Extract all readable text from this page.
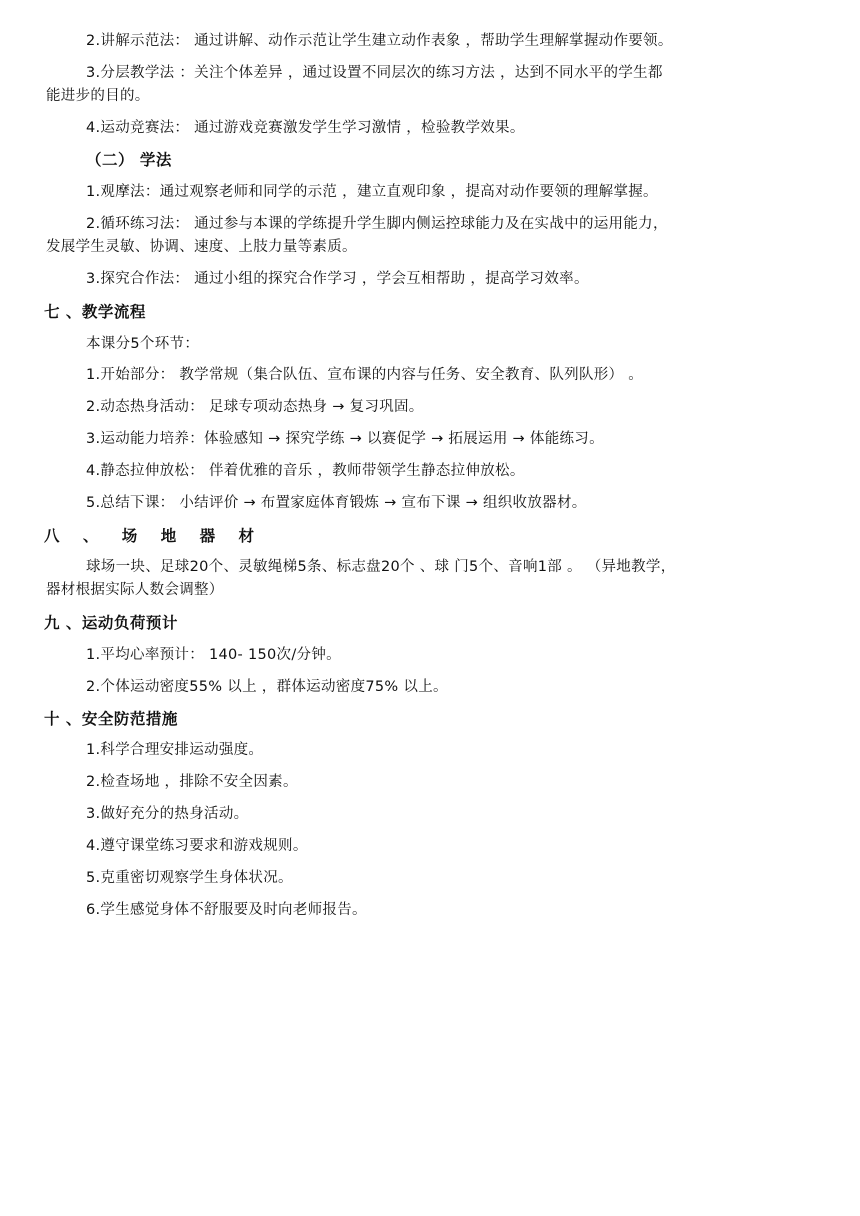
2.讲解示范法： 通过讲解、动作示范让学生建立动作表象 ，帮助学生理解掌握动作要领。
3.分层教学法 ：关注个体差异 ，通过设置不同层次的练习方法 ，达到不同水平的学生都
能进步的目的。
4.运动竞赛法： 通过游戏竞赛激发学生学习激情 ，检验教学效果。
（二） 学法
1.观摩法：通过观察老师和同学的示范 ，建立直观印象 ，提高对动作要领的理解掌握。
2.循环练习法： 通过参与本课的学练提升学生脚内侧运控球能力及在实战中的运用能力，
发展学生灵敏、协调、速度、上肢力量等素质。
3.探究合作法： 通过小组的探究合作学习 ，学会互相帮助 ，提高学习效率。
七 、教学流程
本课分5个环节：
1.开始部分： 教学常规（集合队伍、宣布课的内容与任务、安全教育、队列队形） 。
2.动态热身活动： 足球专项动态热身 → 复习巩固。
3.运动能力培养：体验感知 → 探究学练 → 以赛促学 → 拓展运用 → 体能练习。
4.静态拉伸放松： 伴着优雅的音乐 ，教师带领学生静态拉伸放松。
5.总结下课： 小结评价 → 布置家庭体育锻炼 → 宣布下课 → 组织收放器材。
八 、 场 地 器 材
球场一块、足球20个、灵敏绳梯5条、标志盘20个 、球 门5个、音响1部 。 （异地教学，
器材根据实际人数会调整）
九 、运动负荷预计
1.平均心率预计： 140- 150次/分钟。
2.个体运动密度55% 以上 ，群体运动密度75% 以上。
十 、安全防范措施
1.科学合理安排运动强度。
2.检查场地 ，排除不安全因素。
3.做好充分的热身活动。
4.遵守课堂练习要求和游戏规则。
5.克重密切观察学生身体状况。
6.学生感觉身体不舒服要及时向老师报告。
